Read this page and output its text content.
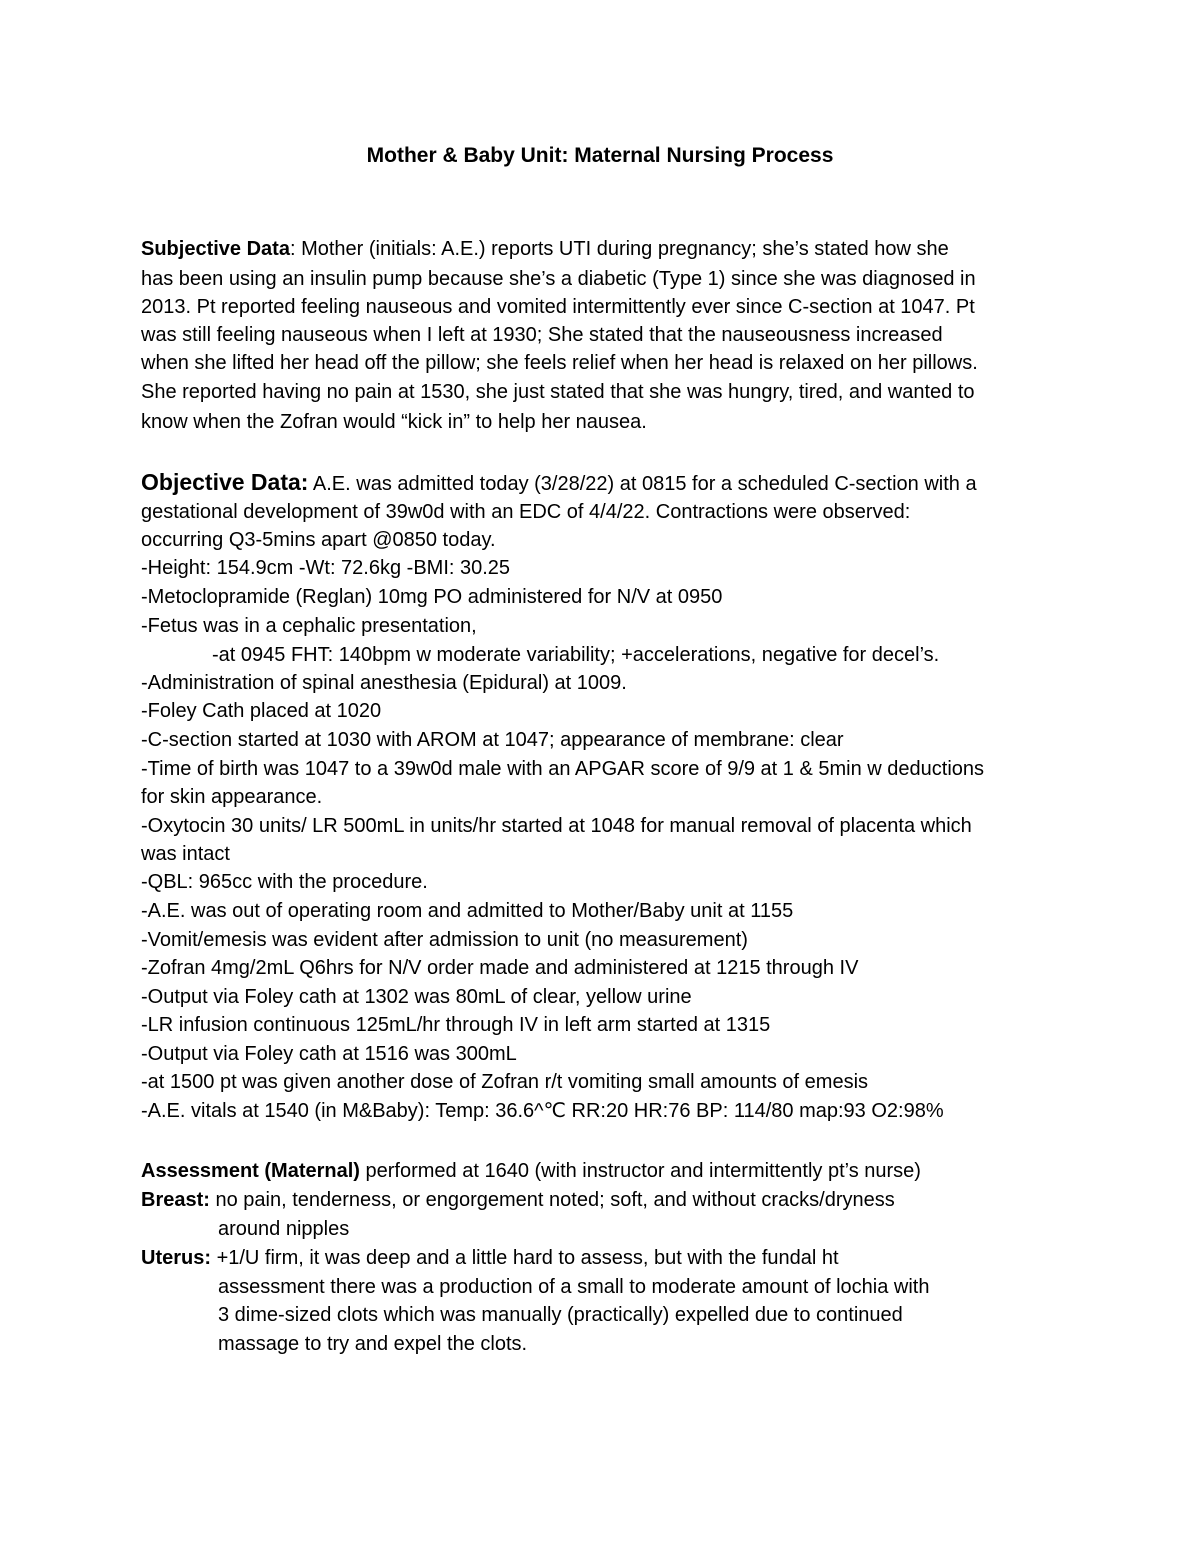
Mother & Baby Unit: Maternal Nursing Process

Subjective Data: Mother (initials: A.E.) reports UTI during pregnancy; she’s stated how she

has been using an insulin pump because she’s a diabetic (Type 1) since she was diagnosed in

2013. Pt reported feeling nauseous and vomited intermittently ever since C-section at 1047. Pt

was still feeling nauseous when I left at 1930; She stated that the nauseousness increased

when she lifted her head off the pillow; she feels relief when her head is relaxed on her pillows.

She reported having no pain at 1530, she just stated that she was hungry, tired, and wanted to

know when the Zofran would “kick in” to help her nausea.

Objective Data: A.E. was admitted today (3/28/22) at 0815 for a scheduled C-section with a

gestational development of 39w0d with an EDC of 4/4/22. Contractions were observed:

occurring Q3-5mins apart @0850 today.

-Height: 154.9cm -Wt: 72.6kg -BMI: 30.25

-Metoclopramide (Reglan) 10mg PO administered for N/V at 0950

-Fetus was in a cephalic presentation,

-at 0945 FHT: 140bpm w moderate variability; +accelerations, negative for decel’s.

-Administration of spinal anesthesia (Epidural) at 1009.

-Foley Cath placed at 1020

-C-section started at 1030 with AROM at 1047; appearance of membrane: clear

-Time of birth was 1047 to a 39w0d male with an APGAR score of 9/9 at 1 & 5min w deductions

for skin appearance.

-Oxytocin 30 units/ LR 500mL in units/hr started at 1048 for manual removal of placenta which

was intact

-QBL: 965cc with the procedure.

-A.E. was out of operating room and admitted to Mother/Baby unit at 1155

-Vomit/emesis was evident after admission to unit (no measurement)

-Zofran 4mg/2mL Q6hrs for N/V order made and administered at 1215 through IV

-Output via Foley cath at 1302 was 80mL of clear, yellow urine

-LR infusion continuous 125mL/hr through IV in left arm started at 1315

-Output via Foley cath at 1516 was 300mL

-at 1500 pt was given another dose of Zofran r/t vomiting small amounts of emesis

-A.E. vitals at 1540 (in M&Baby): Temp: 36.6^℃ RR:20 HR:76 BP: 114/80 map:93 O2:98%

Assessment (Maternal) performed at 1640 (with instructor and intermittently pt’s nurse)

Breast: no pain, tenderness, or engorgement noted; soft, and without cracks/dryness

around nipples

Uterus: +1/U firm, it was deep and a little hard to assess, but with the fundal ht

assessment there was a production of a small to moderate amount of lochia with

3 dime-sized clots which was manually (practically) expelled due to continued

massage to try and expel the clots.
